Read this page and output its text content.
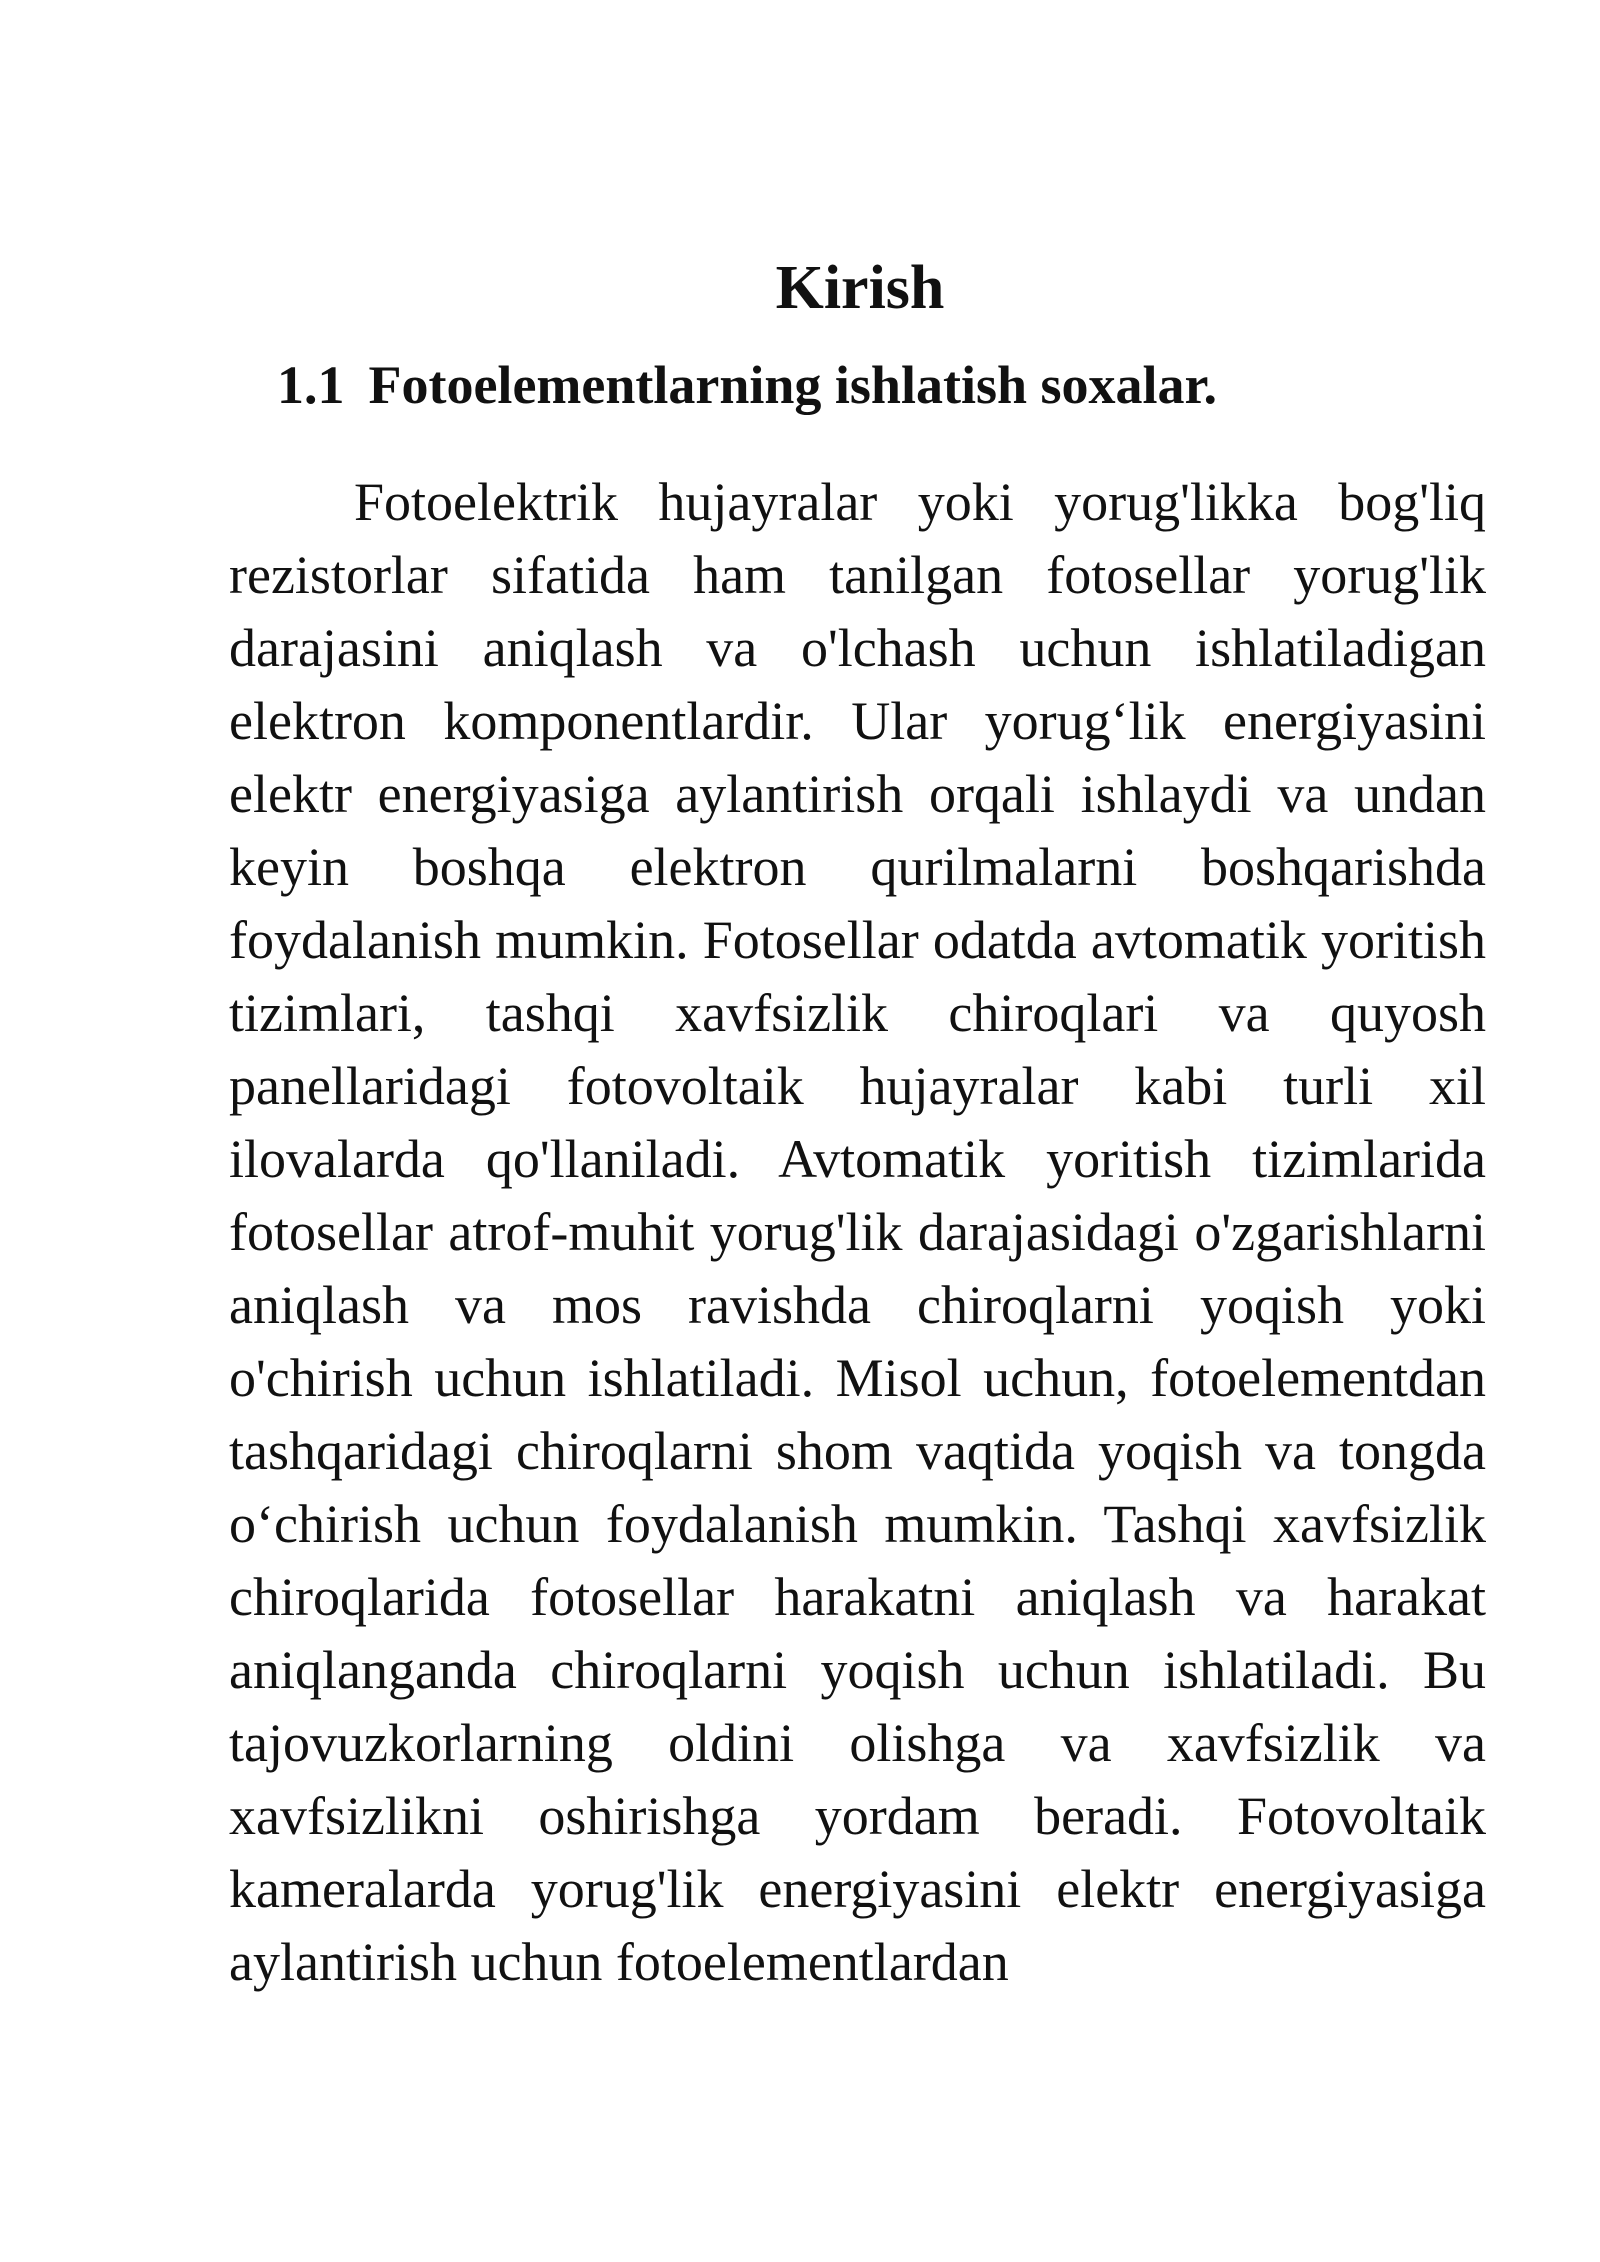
Kirish
1.1 Fotoelementlarning ishlatish soxalar.

Fotoelektrik hujayralar yoki yorug'likka bog'liq rezistorlar sifatida ham tanilgan fotosellar yorug'lik darajasini aniqlash va o'lchash uchun ishlatiladigan elektron komponentlardir. Ular yorug‘lik energiyasini elektr energiyasiga aylantirish orqali ishlaydi va undan keyin boshqa elektron qurilmalarni boshqarishda foydalanish mumkin. Fotosellar odatda avtomatik yoritish tizimlari, tashqi xavfsizlik chiroqlari va quyosh panellaridagi fotovoltaik hujayralar kabi turli xil ilovalarda qo'llaniladi. Avtomatik yoritish tizimlarida fotosellar atrof-muhit yorug'lik darajasidagi o'zgarishlarni aniqlash va mos ravishda chiroqlarni yoqish yoki o'chirish uchun ishlatiladi. Misol uchun, fotoelementdan tashqaridagi chiroqlarni shom vaqtida yoqish va tongda o‘chirish uchun foydalanish mumkin. Tashqi xavfsizlik chiroqlarida fotosellar harakatni aniqlash va harakat aniqlanganda chiroqlarni yoqish uchun ishlatiladi. Bu tajovuzkorlarning oldini olishga va xavfsizlik va xavfsizlikni oshirishga yordam beradi. Fotovoltaik kameralarda yorug'lik energiyasini elektr energiyasiga aylantirish uchun fotoelementlardan
